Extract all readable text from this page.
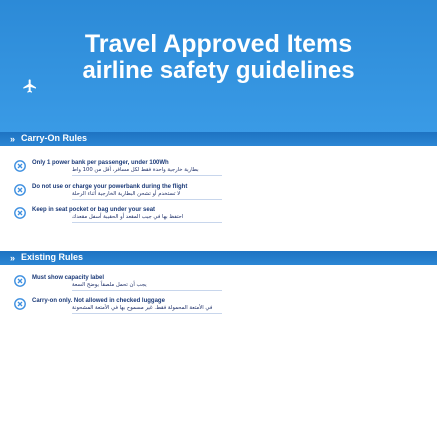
Travel Approved Items
airline safety guidelines
» Carry-On Rules
Only 1 power bank per passenger, under 100Wh
بطارية خارجية واحدة فقط لكل مسافر، أقل من 100 واط
Do not use or charge your powerbank during the flight
لا تستخدم أو تشحن البطارية الخارجية أثناء الرحلة
Keep in seat pocket or bag under your seat
احتفظ بها في جيب المقعد أو الحقيبة أسفل مقعدك
» Existing Rules
Must show capacity label
يجب أن تحمل ملصقاً يوضح السعة
Carry-on only. Not allowed in checked luggage
في الأمتعة المحمولة فقط. غير مسموح بها في الأمتعة المشحونة
